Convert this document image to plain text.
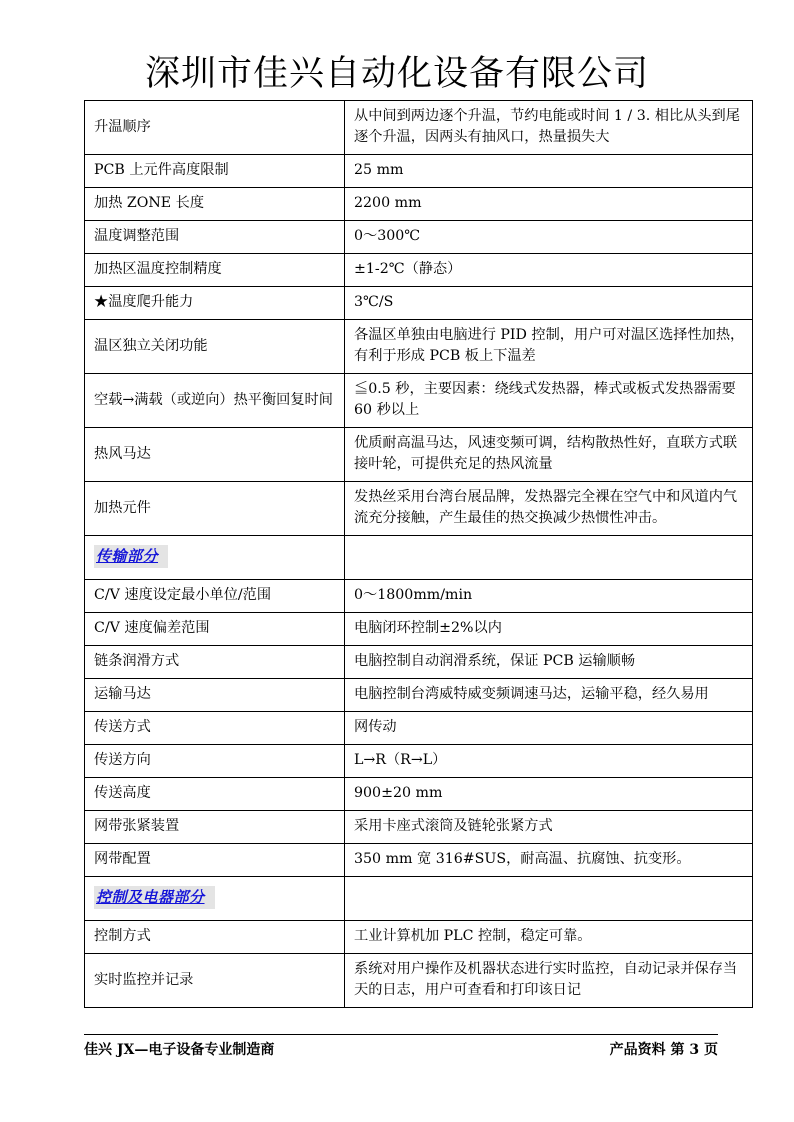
深圳市佳兴自动化设备有限公司
升温顺序	从中间到两边逐个升温，节约电能或时间 1 / 3. 相比从头到尾逐个升温，因两头有抽风口，热量损失大
PCB 上元件高度限制	25 mm
加热 ZONE 长度	2200 mm
温度调整范围	0～300℃
加热区温度控制精度	±1-2℃（静态）
★温度爬升能力	3℃/S
温区独立关闭功能	各温区单独由电脑进行 PID 控制，用户可对温区选择性加热，有利于形成 PCB 板上下温差
空载→满载（或逆向）热平衡回复时间	≦0.5 秒，主要因素：绕线式发热器，棒式或板式发热器需要 60 秒以上
热风马达	优质耐高温马达，风速变频可调，结构散热性好，直联方式联接叶轮，可提供充足的热风流量
加热元件	发热丝采用台湾台展品牌，发热器完全裸在空气中和风道内气流充分接触，产生最佳的热交换减少热惯性冲击。
传输部分	
C/V 速度设定最小单位/范围	0～1800mm/min
C/V 速度偏差范围	电脑闭环控制±2%以内
链条润滑方式	电脑控制自动润滑系统，保证 PCB 运输顺畅
运输马达	电脑控制台湾威特威变频调速马达，运输平稳，经久易用
传送方式	网传动
传送方向	L→R（R→L）
传送高度	900±20 mm
网带张紧装置	采用卡座式滚筒及链轮张紧方式
网带配置	350 mm 宽 316#SUS，耐高温、抗腐蚀、抗变形。
控制及电器部分	
控制方式	工业计算机加 PLC 控制，稳定可靠。
实时监控并记录	系统对用户操作及机器状态进行实时监控，自动记录并保存当天的日志，用户可查看和打印该日记
佳兴 JX—电子设备专业制造商	产品资料 第 3 页
